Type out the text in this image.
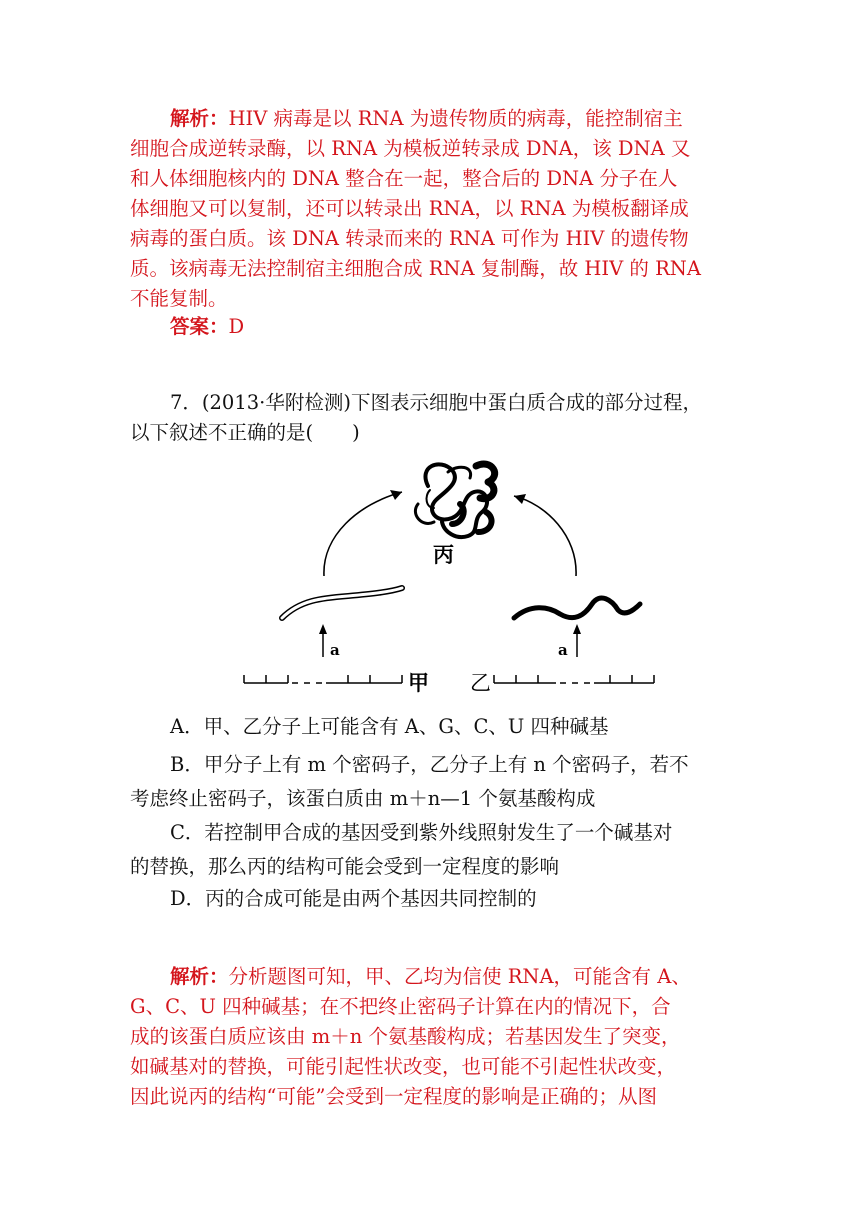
解析：HIV 病毒是以 RNA 为遗传物质的病毒，能控制宿主
细胞合成逆转录酶，以 RNA 为模板逆转录成 DNA，该 DNA 又
和人体细胞核内的 DNA 整合在一起，整合后的 DNA 分子在人
体细胞又可以复制，还可以转录出 RNA，以 RNA 为模板翻译成
病毒的蛋白质。该 DNA 转录而来的 RNA 可作为 HIV 的遗传物
质。该病毒无法控制宿主细胞合成 RNA 复制酶，故 HIV 的 RNA
不能复制。
答案：D
7．(2013·华附检测)下图表示细胞中蛋白质合成的部分过程，
以下叙述不正确的是(　　)
丙
a	a
甲 乙
A．甲、乙分子上可能含有 A、G、C、U 四种碱基
B．甲分子上有 m 个密码子，乙分子上有 n 个密码子，若不
考虑终止密码子，该蛋白质由 m＋n—1 个氨基酸构成
C．若控制甲合成的基因受到紫外线照射发生了一个碱基对
的替换，那么丙的结构可能会受到一定程度的影响
D．丙的合成可能是由两个基因共同控制的
解析：分析题图可知，甲、乙均为信使 RNA，可能含有 A、
G、C、U 四种碱基；在不把终止密码子计算在内的情况下，合
成的该蛋白质应该由 m＋n 个氨基酸构成；若基因发生了突变，
如碱基对的替换，可能引起性状改变，也可能不引起性状改变，
因此说丙的结构“可能”会受到一定程度的影响是正确的；从图
